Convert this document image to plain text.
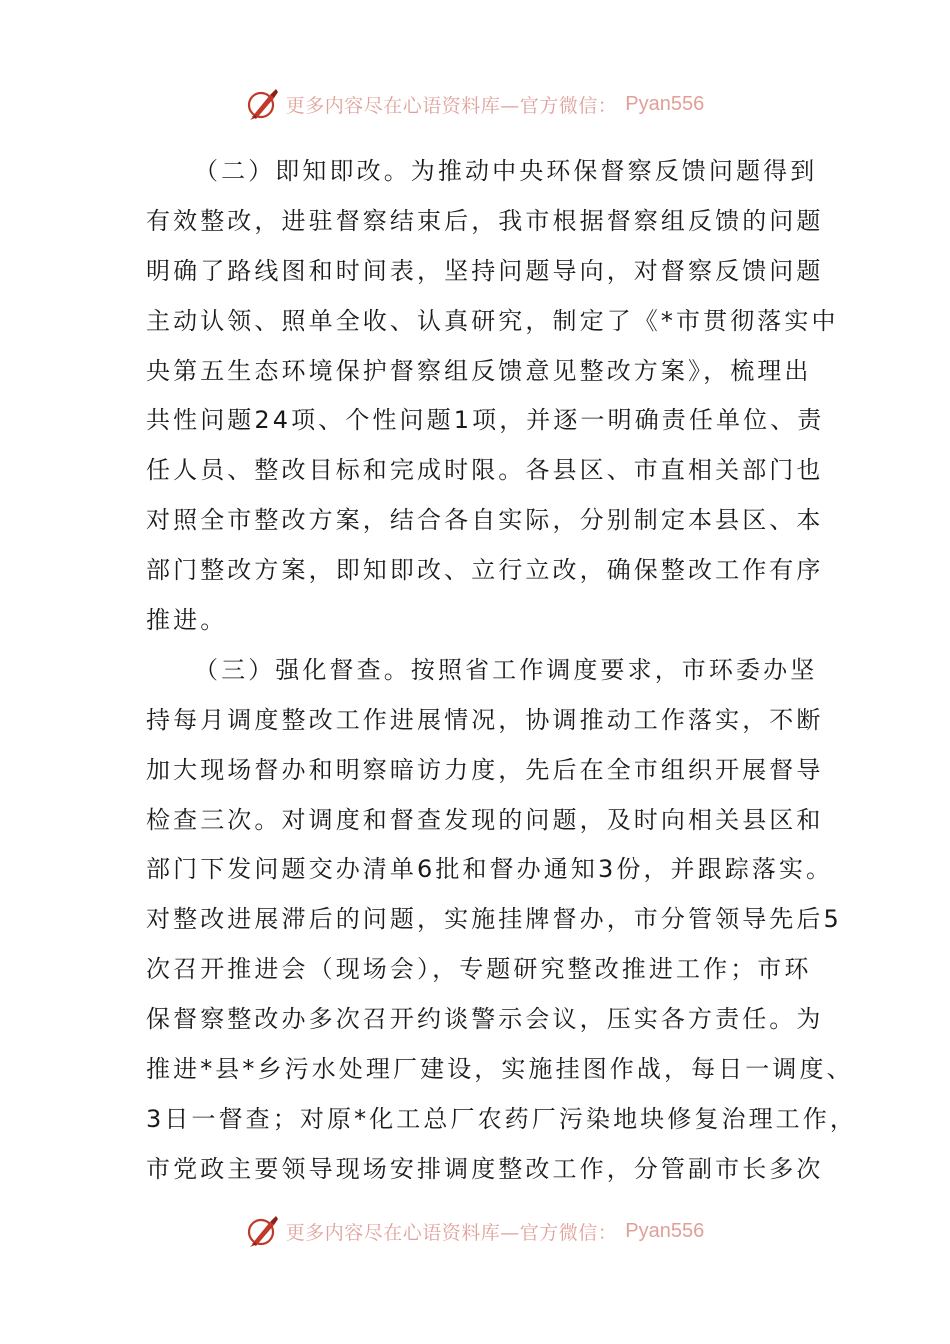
更多内容尽在心语资料库—官方微信： Pyan556
（二）即知即改。为推动中央环保督察反馈问题得到
有效整改，进驻督察结束后，我市根据督察组反馈的问题
明确了路线图和时间表，坚持问题导向，对督察反馈问题
主动认领、照单全收、认真研究，制定了《*市贯彻落实中
央第五生态环境保护督察组反馈意见整改方案》，梳理出
共性问题24项、个性问题1项，并逐一明确责任单位、责
任人员、整改目标和完成时限。各县区、市直相关部门也
对照全市整改方案，结合各自实际，分别制定本县区、本
部门整改方案，即知即改、立行立改，确保整改工作有序
推进。
（三）强化督查。按照省工作调度要求，市环委办坚
持每月调度整改工作进展情况，协调推动工作落实，不断
加大现场督办和明察暗访力度，先后在全市组织开展督导
检查三次。对调度和督查发现的问题，及时向相关县区和
部门下发问题交办清单6批和督办通知3份，并跟踪落实。
对整改进展滞后的问题，实施挂牌督办，市分管领导先后5
次召开推进会（现场会），专题研究整改推进工作；市环
保督察整改办多次召开约谈警示会议，压实各方责任。为
推进*县*乡污水处理厂建设，实施挂图作战，每日一调度、
3日一督查；对原*化工总厂农药厂污染地块修复治理工作，
市党政主要领导现场安排调度整改工作，分管副市长多次
更多内容尽在心语资料库—官方微信： Pyan556
